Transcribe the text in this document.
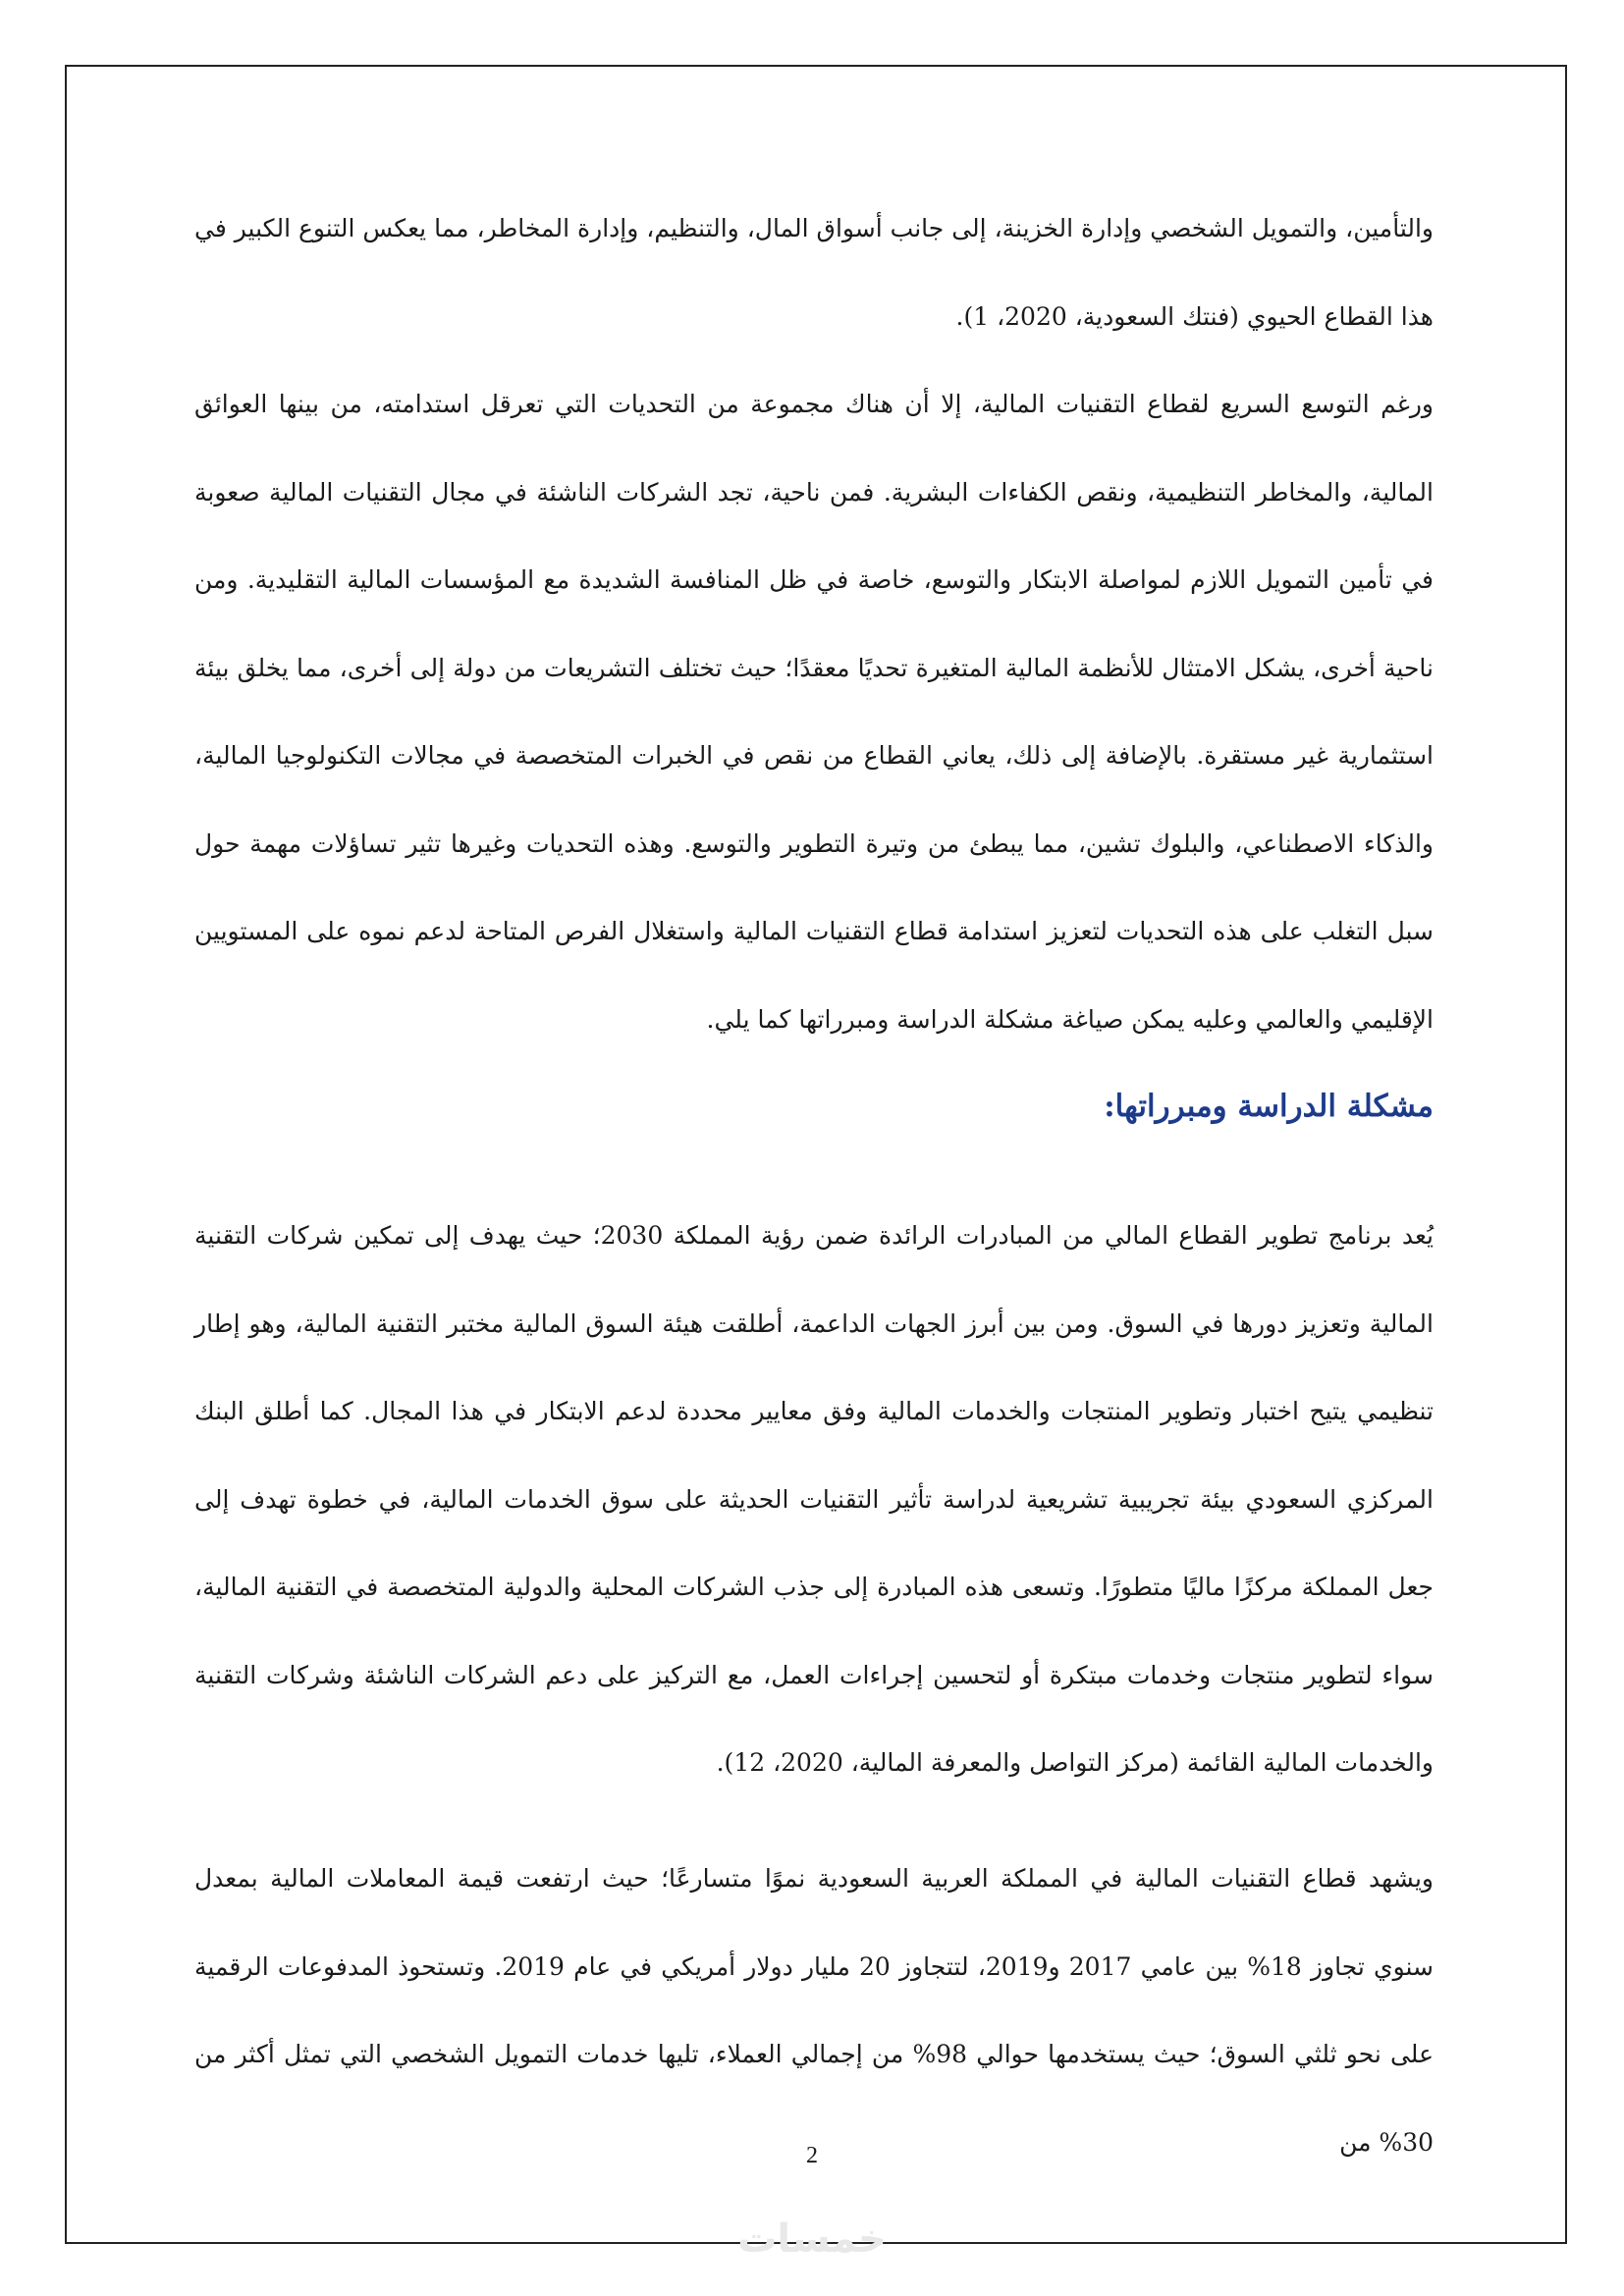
والتأمين، والتمويل الشخصي وإدارة الخزينة، إلى جانب أسواق المال، والتنظيم، وإدارة المخاطر، مما يعكس التنوع الكبير في هذا القطاع الحيوي (فنتك السعودية، 2020، 1).

ورغم التوسع السريع لقطاع التقنيات المالية، إلا أن هناك مجموعة من التحديات التي تعرقل استدامته، من بينها العوائق المالية، والمخاطر التنظيمية، ونقص الكفاءات البشرية. فمن ناحية، تجد الشركات الناشئة في مجال التقنيات المالية صعوبة في تأمين التمويل اللازم لمواصلة الابتكار والتوسع، خاصة في ظل المنافسة الشديدة مع المؤسسات المالية التقليدية. ومن ناحية أخرى، يشكل الامتثال للأنظمة المالية المتغيرة تحديًا معقدًا؛ حيث تختلف التشريعات من دولة إلى أخرى، مما يخلق بيئة استثمارية غير مستقرة. بالإضافة إلى ذلك، يعاني القطاع من نقص في الخبرات المتخصصة في مجالات التكنولوجيا المالية، والذكاء الاصطناعي، والبلوك تشين، مما يبطئ من وتيرة التطوير والتوسع. وهذه التحديات وغيرها تثير تساؤلات مهمة حول سبل التغلب على هذه التحديات لتعزيز استدامة قطاع التقنيات المالية واستغلال الفرص المتاحة لدعم نموه على المستويين الإقليمي والعالمي وعليه يمكن صياغة مشكلة الدراسة ومبرراتها كما يلي.

مشكلة الدراسة ومبرراتها:

يُعد برنامج تطوير القطاع المالي من المبادرات الرائدة ضمن رؤية المملكة 2030؛ حيث يهدف إلى تمكين شركات التقنية المالية وتعزيز دورها في السوق. ومن بين أبرز الجهات الداعمة، أطلقت هيئة السوق المالية مختبر التقنية المالية، وهو إطار تنظيمي يتيح اختبار وتطوير المنتجات والخدمات المالية وفق معايير محددة لدعم الابتكار في هذا المجال. كما أطلق البنك المركزي السعودي بيئة تجريبية تشريعية لدراسة تأثير التقنيات الحديثة على سوق الخدمات المالية، في خطوة تهدف إلى جعل المملكة مركزًا ماليًا متطورًا. وتسعى هذه المبادرة إلى جذب الشركات المحلية والدولية المتخصصة في التقنية المالية، سواء لتطوير منتجات وخدمات مبتكرة أو لتحسين إجراءات العمل، مع التركيز على دعم الشركات الناشئة وشركات التقنية والخدمات المالية القائمة (مركز التواصل والمعرفة المالية، 2020، 12).

ويشهد قطاع التقنيات المالية في المملكة العربية السعودية نموًا متسارعًا؛ حيث ارتفعت قيمة المعاملات المالية بمعدل سنوي تجاوز 18% بين عامي 2017 و2019، لتتجاوز 20 مليار دولار أمريكي في عام 2019. وتستحوذ المدفوعات الرقمية على نحو ثلثي السوق؛ حيث يستخدمها حوالي 98% من إجمالي العملاء، تليها خدمات التمويل الشخصي التي تمثل أكثر من 30% من

2
خمسات
